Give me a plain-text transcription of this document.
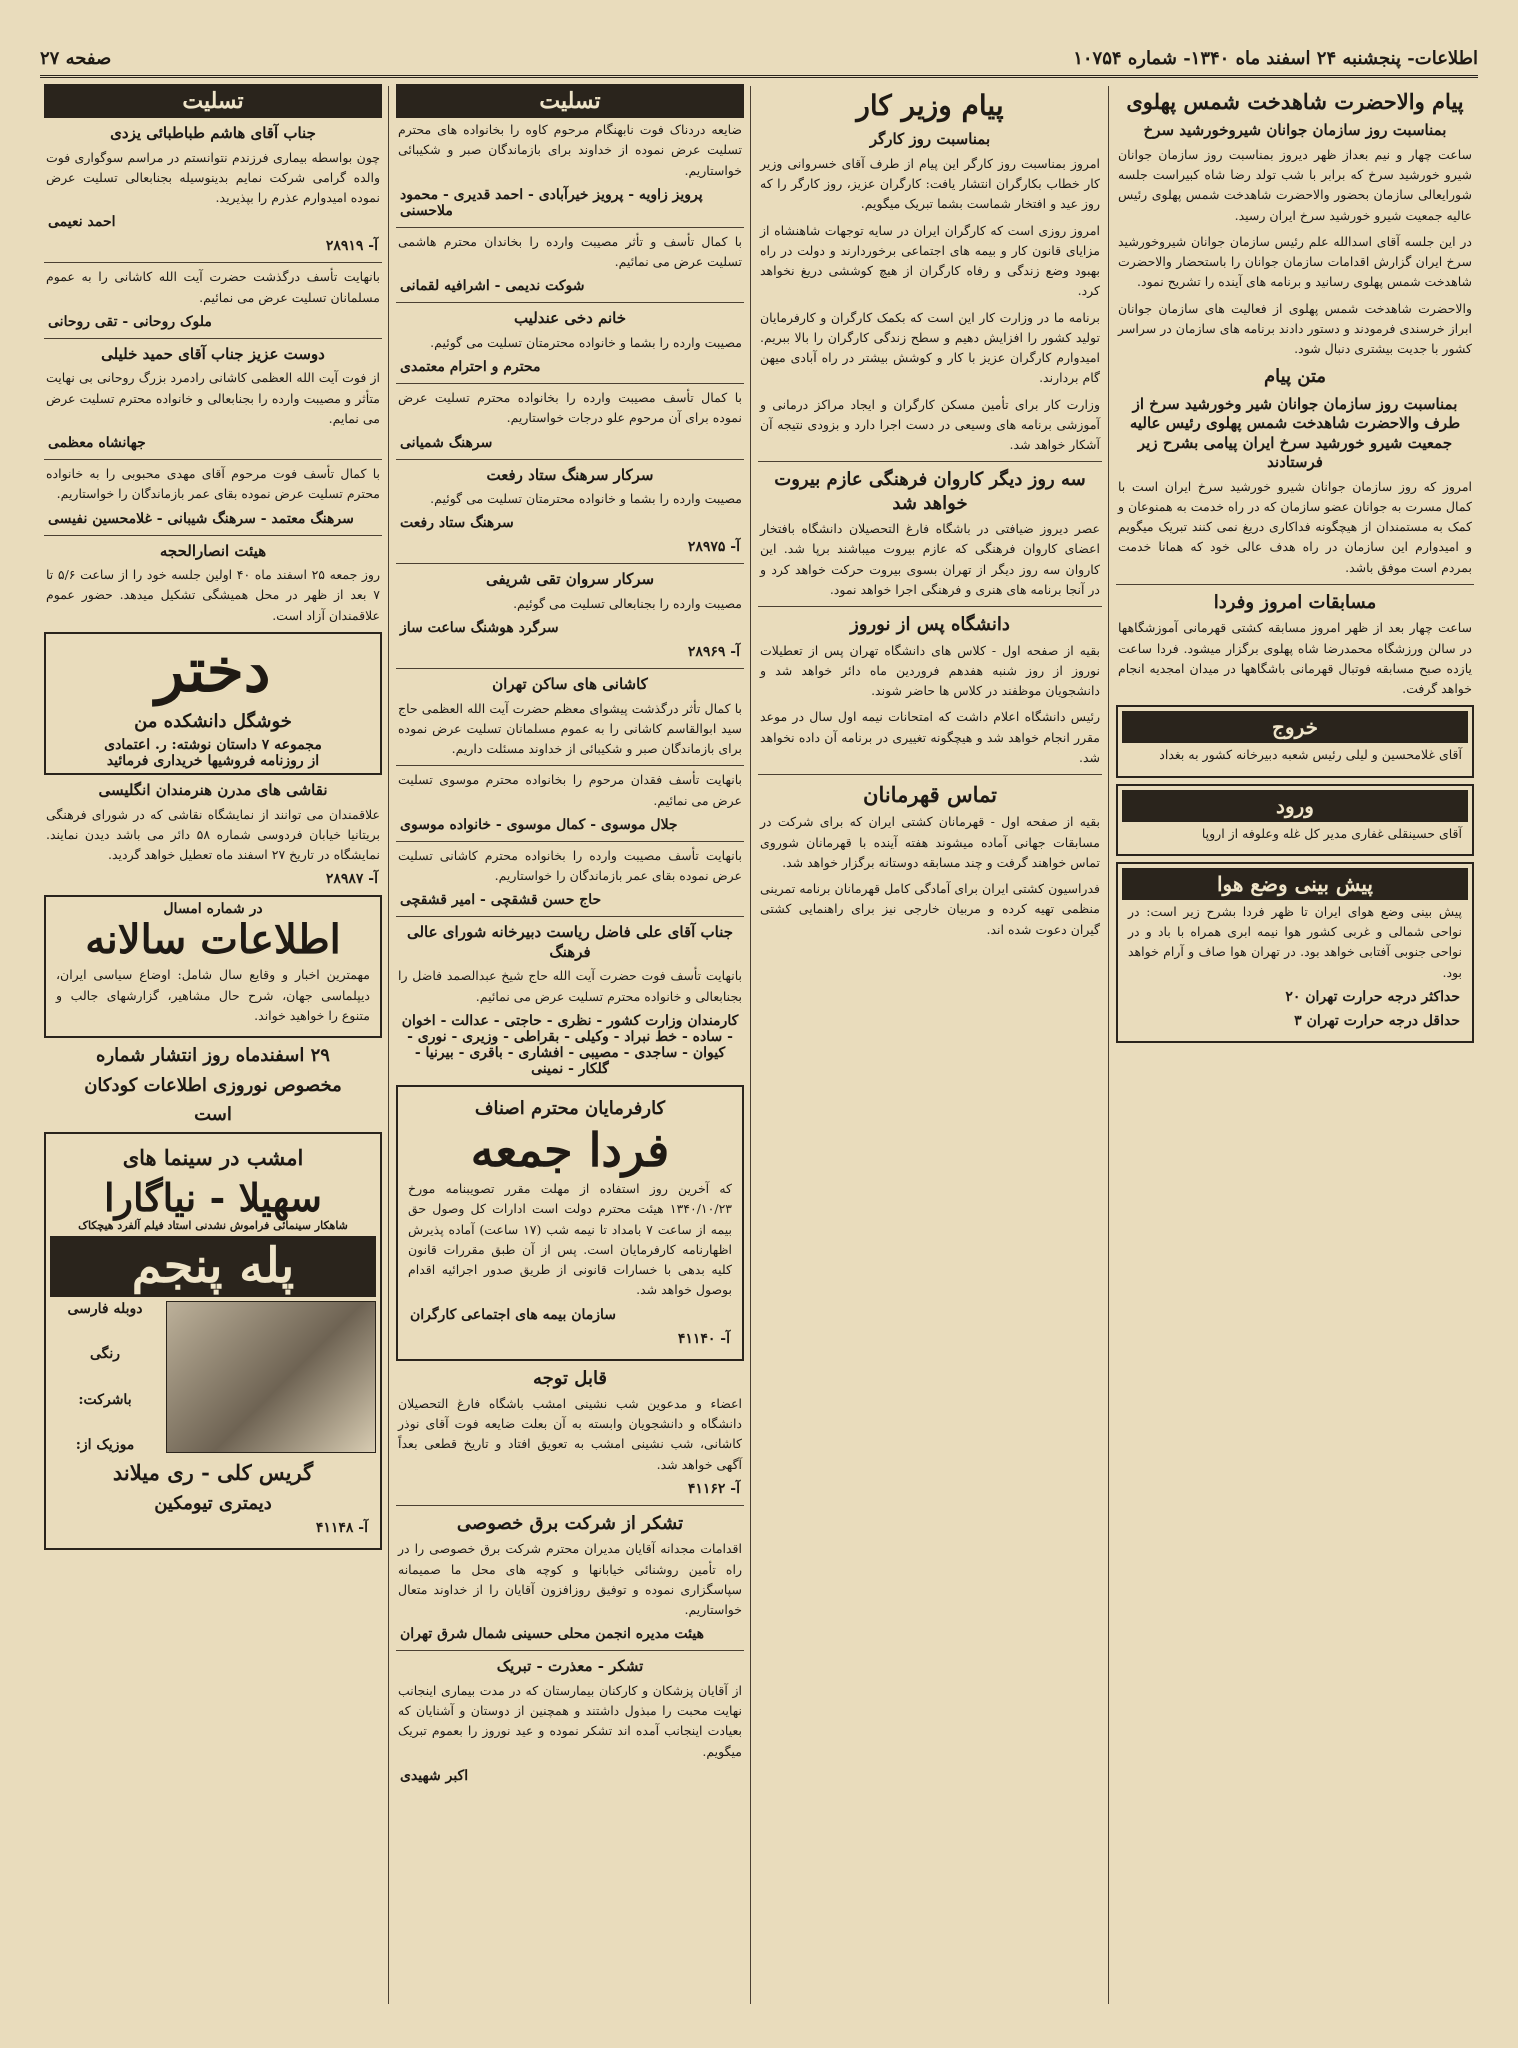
اطلاعات- پنجشنبه ۲۴ اسفند ماه ۱۳۴۰- شماره ۱۰۷۵۴
صفحه ۲۷
پیام والاحضرت شاهدخت شمس پهلوی
بمناسبت روز سازمان جوانان شیروخورشید سرخ
ساعت چهار و نیم بعداز ظهر دیروز بمناسبت روز سازمان جوانان شیرو خورشید سرخ که برابر با شب تولد رضا شاه کبیراست جلسه شورایعالی سازمان بحضور والاحضرت شاهدخت شمس پهلوی رئیس عالیه جمعیت شیرو خورشید سرخ ایران رسید.
در این جلسه آقای اسدالله علم رئیس سازمان جوانان شیروخورشید سرخ ایران گزارش اقدامات سازمان جوانان را باستحضار والاحضرت شاهدخت شمس پهلوی رسانید و برنامه های آینده را تشریح نمود.
والاحضرت شاهدخت شمس پهلوی از فعالیت های سازمان جوانان ابراز خرسندی فرمودند و دستور دادند برنامه های سازمان در سراسر کشور با جدیت بیشتری دنبال شود.
متن پیام
بمناسبت روز سازمان جوانان شیر وخورشید سرخ از طرف والاحضرت شاهدخت شمس پهلوی رئیس عالیه جمعیت شیرو خورشید سرخ ایران پیامی بشرح زیر فرستادند
امروز که روز سازمان جوانان شیرو خورشید سرخ ایران است با کمال مسرت به جوانان عضو سازمان که در راه خدمت به همنوعان و کمک به مستمندان از هیچگونه فداکاری دریغ نمی کنند تبریک میگویم و امیدوارم این سازمان در راه هدف عالی خود که همانا خدمت بمردم است موفق باشد.
مسابقات امروز وفردا
ساعت چهار بعد از ظهر امروز مسابقه کشتی قهرمانی آموزشگاهها در سالن ورزشگاه محمدرضا شاه پهلوی برگزار میشود. فردا ساعت یازده صبح مسابقه فوتبال قهرمانی باشگاهها در میدان امجدیه انجام خواهد گرفت.
خروج
آقای غلامحسین و لیلی رئیس شعبه دبیرخانه کشور به بغداد
ورود
آقای حسینقلی غفاری مدیر کل غله وعلوفه از اروپا
پیش بینی وضع هوا
پیش بینی وضع هوای ایران تا ظهر فردا بشرح زیر است: در نواحی شمالی و غربی کشور هوا نیمه ابری همراه با باد و در نواحی جنوبی آفتابی خواهد بود. در تهران هوا صاف و آرام خواهد بود.
حداکثر درجه حرارت تهران ۲۰
حداقل درجه حرارت تهران ۳
پیام وزیر کار
بمناسبت روز کارگر
امروز بمناسبت روز کارگر این پیام از طرف آقای خسروانی وزیر کار خطاب بکارگران انتشار یافت: کارگران عزیز، روز کارگر را که روز عید و افتخار شماست بشما تبریک میگویم.
امروز روزی است که کارگران ایران در سایه توجهات شاهنشاه از مزایای قانون کار و بیمه های اجتماعی برخوردارند و دولت در راه بهبود وضع زندگی و رفاه کارگران از هیچ کوششی دریغ نخواهد کرد.
برنامه ما در وزارت کار این است که بکمک کارگران و کارفرمایان تولید کشور را افزایش دهیم و سطح زندگی کارگران را بالا ببریم. امیدوارم کارگران عزیز با کار و کوشش بیشتر در راه آبادی میهن گام بردارند.
وزارت کار برای تأمین مسکن کارگران و ایجاد مراکز درمانی و آموزشی برنامه های وسیعی در دست اجرا دارد و بزودی نتیجه آن آشکار خواهد شد.
سه روز دیگر کاروان فرهنگی عازم بیروت خواهد شد
عصر دیروز ضیافتی در باشگاه فارغ التحصیلان دانشگاه بافتخار اعضای کاروان فرهنگی که عازم بیروت میباشند برپا شد. این کاروان سه روز دیگر از تهران بسوی بیروت حرکت خواهد کرد و در آنجا برنامه های هنری و فرهنگی اجرا خواهد نمود.
دانشگاه پس از نوروز
بقیه از صفحه اول - کلاس های دانشگاه تهران پس از تعطیلات نوروز از روز شنبه هفدهم فروردین ماه دائر خواهد شد و دانشجویان موظفند در کلاس ها حاضر شوند.
رئیس دانشگاه اعلام داشت که امتحانات نیمه اول سال در موعد مقرر انجام خواهد شد و هیچگونه تغییری در برنامه آن داده نخواهد شد.
تماس قهرمانان
بقیه از صفحه اول - قهرمانان کشتی ایران که برای شرکت در مسابقات جهانی آماده میشوند هفته آینده با قهرمانان شوروی تماس خواهند گرفت و چند مسابقه دوستانه برگزار خواهد شد.
فدراسیون کشتی ایران برای آمادگی کامل قهرمانان برنامه تمرینی منظمی تهیه کرده و مربیان خارجی نیز برای راهنمایی کشتی گیران دعوت شده اند.
تسلیت
ضایعه دردناک فوت نابهنگام مرحوم کاوه را بخانواده های محترم تسلیت عرض نموده از خداوند برای بازماندگان صبر و شکیبائی خواستاریم.
پرویز زاویه - پرویز خیرآبادی - احمد قدیری - محمود ملاحسنی
با کمال تأسف و تأثر مصیبت وارده را بخاندان محترم هاشمی تسلیت عرض می نمائیم.
شوکت ندیمی - اشرافیه لقمانی
خانم دخی عندلیب
مصیبت وارده را بشما و خانواده محترمتان تسلیت می گوئیم.
محترم و احترام معتمدی
با کمال تأسف مصیبت وارده را بخانواده محترم تسلیت عرض نموده برای آن مرحوم علو درجات خواستاریم.
سرهنگ شمیانی
سرکار سرهنگ ستاد رفعت
مصیبت وارده را بشما و خانواده محترمتان تسلیت می گوئیم.
سرهنگ ستاد رفعت
آ- ۲۸۹۷۵
سرکار سروان تقی شریفی
مصیبت وارده را بجنابعالی تسلیت می گوئیم.
سرگرد هوشنگ ساعت ساز
آ- ۲۸۹۶۹
کاشانی های ساکن تهران
با کمال تأثر درگذشت پیشوای معظم حضرت آیت الله العظمی حاج سید ابوالقاسم کاشانی را به عموم مسلمانان تسلیت عرض نموده برای بازماندگان صبر و شکیبائی از خداوند مسئلت داریم.
بانهایت تأسف فقدان مرحوم را بخانواده محترم موسوی تسلیت عرض می نمائیم.
جلال موسوی - کمال موسوی - خانواده موسوی
بانهایت تأسف مصیبت وارده را بخانواده محترم کاشانی تسلیت عرض نموده بقای عمر بازماندگان را خواستاریم.
حاج حسن قشقچی - امیر قشقچی
جناب آقای علی فاضل ریاست دبیرخانه شورای عالی فرهنگ
بانهایت تأسف فوت حضرت آیت الله حاج شیخ عبدالصمد فاضل را بجنابعالی و خانواده محترم تسلیت عرض می نمائیم.
کارمندان وزارت کشور - نظری - حاجتی - عدالت - اخوان - ساده - خط نبراد - وکیلی - بقراطی - وزیری - نوری - کیوان - ساجدی - مصیبی - افشاری - باقری - بیرنیا - گلکار - نمینی
کارفرمایان محترم اصناف
فردا جمعه
که آخرین روز استفاده از مهلت مقرر تصویبنامه مورخ ۱۳۴۰/۱۰/۲۳ هیئت محترم دولت است ادارات کل وصول حق بیمه از ساعت ۷ بامداد تا نیمه شب (۱۷ ساعت) آماده پذیرش اظهارنامه کارفرمایان است. پس از آن طبق مقررات قانون کلیه بدهی با خسارات قانونی از طریق صدور اجرائیه اقدام بوصول خواهد شد.
سازمان بیمه های اجتماعی کارگران
آ- ۴۱۱۴۰
قابل توجه
اعضاء و مدعوین شب نشینی امشب باشگاه فارغ التحصیلان دانشگاه و دانشجویان وابسته به آن بعلت ضایعه فوت آقای نوذر کاشانی، شب نشینی امشب به تعویق افتاد و تاریخ قطعی بعداً آگهی خواهد شد.
آ- ۴۱۱۶۲
تشکر از شرکت برق خصوصی
اقدامات مجدانه آقایان مدیران محترم شرکت برق خصوصی را در راه تأمین روشنائی خیابانها و کوچه های محل ما صمیمانه سپاسگزاری نموده و توفیق روزافزون آقایان را از خداوند متعال خواستاریم.
هیئت مدیره انجمن محلی حسینی شمال شرق تهران
تشکر - معذرت - تبریک
از آقایان پزشکان و کارکنان بیمارستان که در مدت بیماری اینجانب نهایت محبت را مبذول داشتند و همچنین از دوستان و آشنایان که بعیادت اینجانب آمده اند تشکر نموده و عید نوروز را بعموم تبریک میگویم.
اکبر شهیدی
تسلیت
جناب آقای هاشم طباطبائی یزدی
چون بواسطه بیماری فرزندم نتوانستم در مراسم سوگواری فوت والده گرامی شرکت نمایم بدینوسیله بجنابعالی تسلیت عرض نموده امیدوارم عذرم را بپذیرید.
احمد نعیمی
آ- ۲۸۹۱۹
بانهایت تأسف درگذشت حضرت آیت الله کاشانی را به عموم مسلمانان تسلیت عرض می نمائیم.
ملوک روحانی - تقی روحانی
دوست عزیز جناب آقای حمید خلیلی
از فوت آیت الله العظمی کاشانی رادمرد بزرگ روحانی بی نهایت متأثر و مصیبت وارده را بجنابعالی و خانواده محترم تسلیت عرض می نمایم.
جهانشاه معظمی
با کمال تأسف فوت مرحوم آقای مهدی محبوبی را به خانواده محترم تسلیت عرض نموده بقای عمر بازماندگان را خواستاریم.
سرهنگ معتمد - سرهنگ شیبانی - غلامحسین نفیسی
هیئت انصارالحجه
روز جمعه ۲۵ اسفند ماه ۴۰ اولین جلسه خود را از ساعت ۵/۶ تا ۷ بعد از ظهر در محل همیشگی تشکیل میدهد. حضور عموم علاقمندان آزاد است.
دختر
خوشگل دانشکده من
مجموعه ۷ داستان نوشته: ر. اعتمادی
از روزنامه فروشیها خریداری فرمائید
نقاشی های مدرن هنرمندان انگلیسی
علاقمندان می توانند از نمایشگاه نقاشی که در شورای فرهنگی بریتانیا خیابان فردوسی شماره ۵۸ دائر می باشد دیدن نمایند. نمایشگاه در تاریخ ۲۷ اسفند ماه تعطیل خواهد گردید.
آ- ۲۸۹۸۷
در شماره امسال
اطلاعات سالانه
مهمترین اخبار و وقایع سال شامل: اوضاع سیاسی ایران، دیپلماسی جهان، شرح حال مشاهیر، گزارشهای جالب و متنوع را خواهید خواند.
۲۹ اسفندماه روز انتشار شماره
مخصوص نوروزی اطلاعات کودکان
است
امشب در سینما های
سهیلا - نیاگارا
شاهکار سینمائی فراموش نشدنی استاد فیلم آلفرد هیچکاک
پله پنجم
دوبله فارسی
رنگی
باشرکت:
موزیک از:
گریس کلی - ری میلاند
دیمتری تیومکین
آ- ۴۱۱۴۸
